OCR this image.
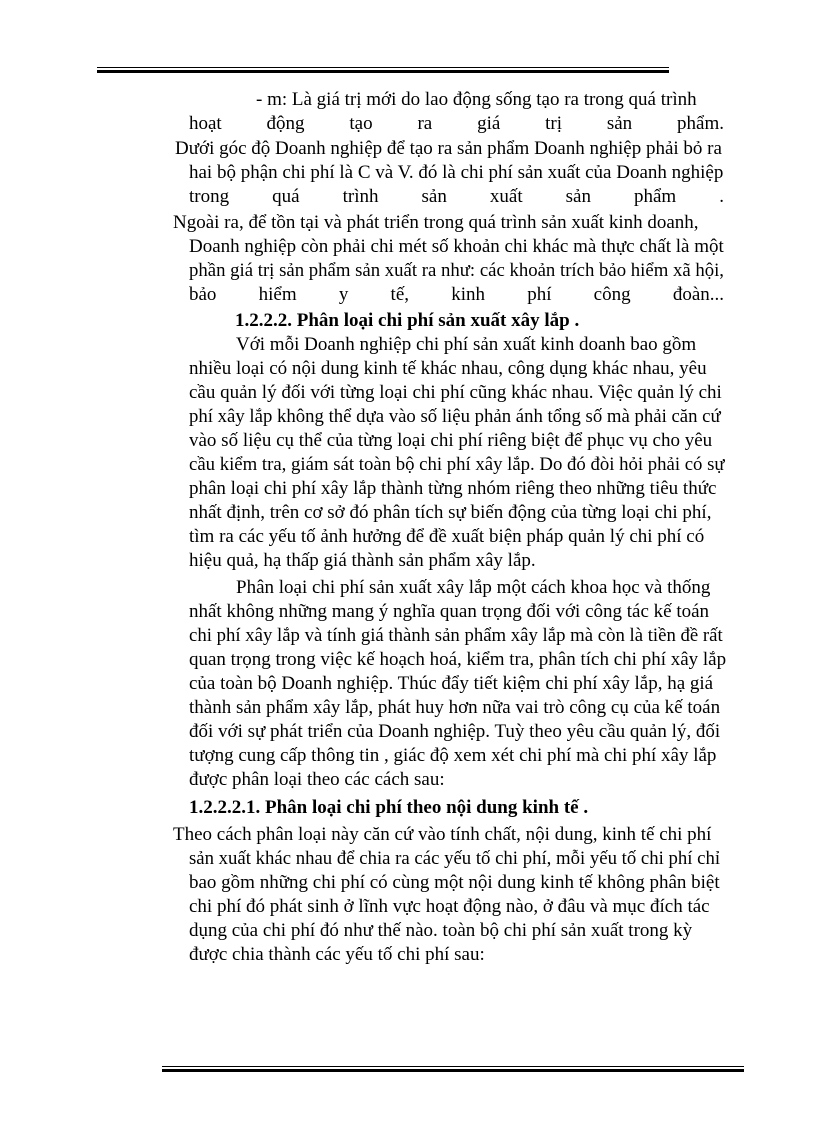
- m: Là giá trị mới do lao động sống tạo ra trong quá trình

hoạt động tạo ra giá trị sản phẩm.

Dưới góc độ Doanh nghiệp để tạo ra sản phẩm Doanh nghiệp phải bỏ ra

hai bộ phận chi phí là C và V. đó là chi phí sản xuất của Doanh nghiệp

trong quá trình sản xuất sản phẩm .

Ngoài ra, để tồn tại và phát triển trong quá trình sản xuất kinh doanh,

Doanh nghiệp còn phải chi mét số khoản chi khác mà thực chất là một

phần giá trị sản phẩm sản xuất ra như: các khoản trích bảo hiểm xã hội,

bảo hiểm y tế, kinh phí công đoàn...

1.2.2.2. Phân loại chi phí sản xuất xây lắp .

Với mỗi Doanh nghiệp chi phí sản xuất kinh doanh bao gồm

nhiều loại có nội dung kinh tế khác nhau, công dụng khác nhau, yêu

cầu quản lý đối với từng loại chi phí cũng khác nhau. Việc quản lý chi

phí xây lắp không thể dựa vào số liệu phản ánh tổng số mà phải căn cứ

vào số liệu cụ thể của từng loại chi phí riêng biệt để phục vụ cho yêu

cầu kiểm tra, giám sát toàn bộ chi phí xây lắp. Do đó đòi hỏi phải có sự

phân loại chi phí xây lắp thành từng nhóm riêng theo những tiêu thức

nhất định, trên cơ sở đó phân tích sự biến động của từng loại chi phí,

tìm ra các yếu tố ảnh hưởng để đề xuất biện pháp quản lý chi phí có

hiệu quả, hạ thấp giá thành sản phẩm xây lắp.

Phân loại chi phí sản xuất xây lắp một cách khoa học và thống

nhất không những mang ý nghĩa quan trọng đối với công tác kế toán

chi phí xây lắp và tính giá thành sản phẩm xây lắp mà còn là tiền đề rất

quan trọng trong việc kế hoạch hoá, kiểm tra, phân tích chi phí xây lắp

của toàn bộ Doanh nghiệp. Thúc đẩy tiết kiệm chi phí xây lắp, hạ giá

thành sản phẩm xây lắp, phát huy hơn nữa vai trò công cụ của kế toán

đối với sự phát triển của Doanh nghiệp. Tuỳ theo yêu cầu quản lý, đối

tượng cung cấp thông tin , giác độ xem xét chi phí mà chi phí xây lắp

được phân loại theo các cách sau:

1.2.2.2.1. Phân loại chi phí theo nội dung kinh tế .

Theo cách phân loại này căn cứ vào tính chất, nội dung, kinh tế chi phí

sản xuất khác nhau để chia ra các yếu tố chi phí, mỗi yếu tố chi phí chỉ

bao gồm những chi phí có cùng một nội dung kinh tế không phân biệt

chi phí đó phát sinh ở lĩnh vực hoạt động nào, ở đâu và mục đích tác

dụng của chi phí đó như thế nào. toàn bộ chi phí sản xuất trong kỳ

được chia thành các yếu tố chi phí sau:
